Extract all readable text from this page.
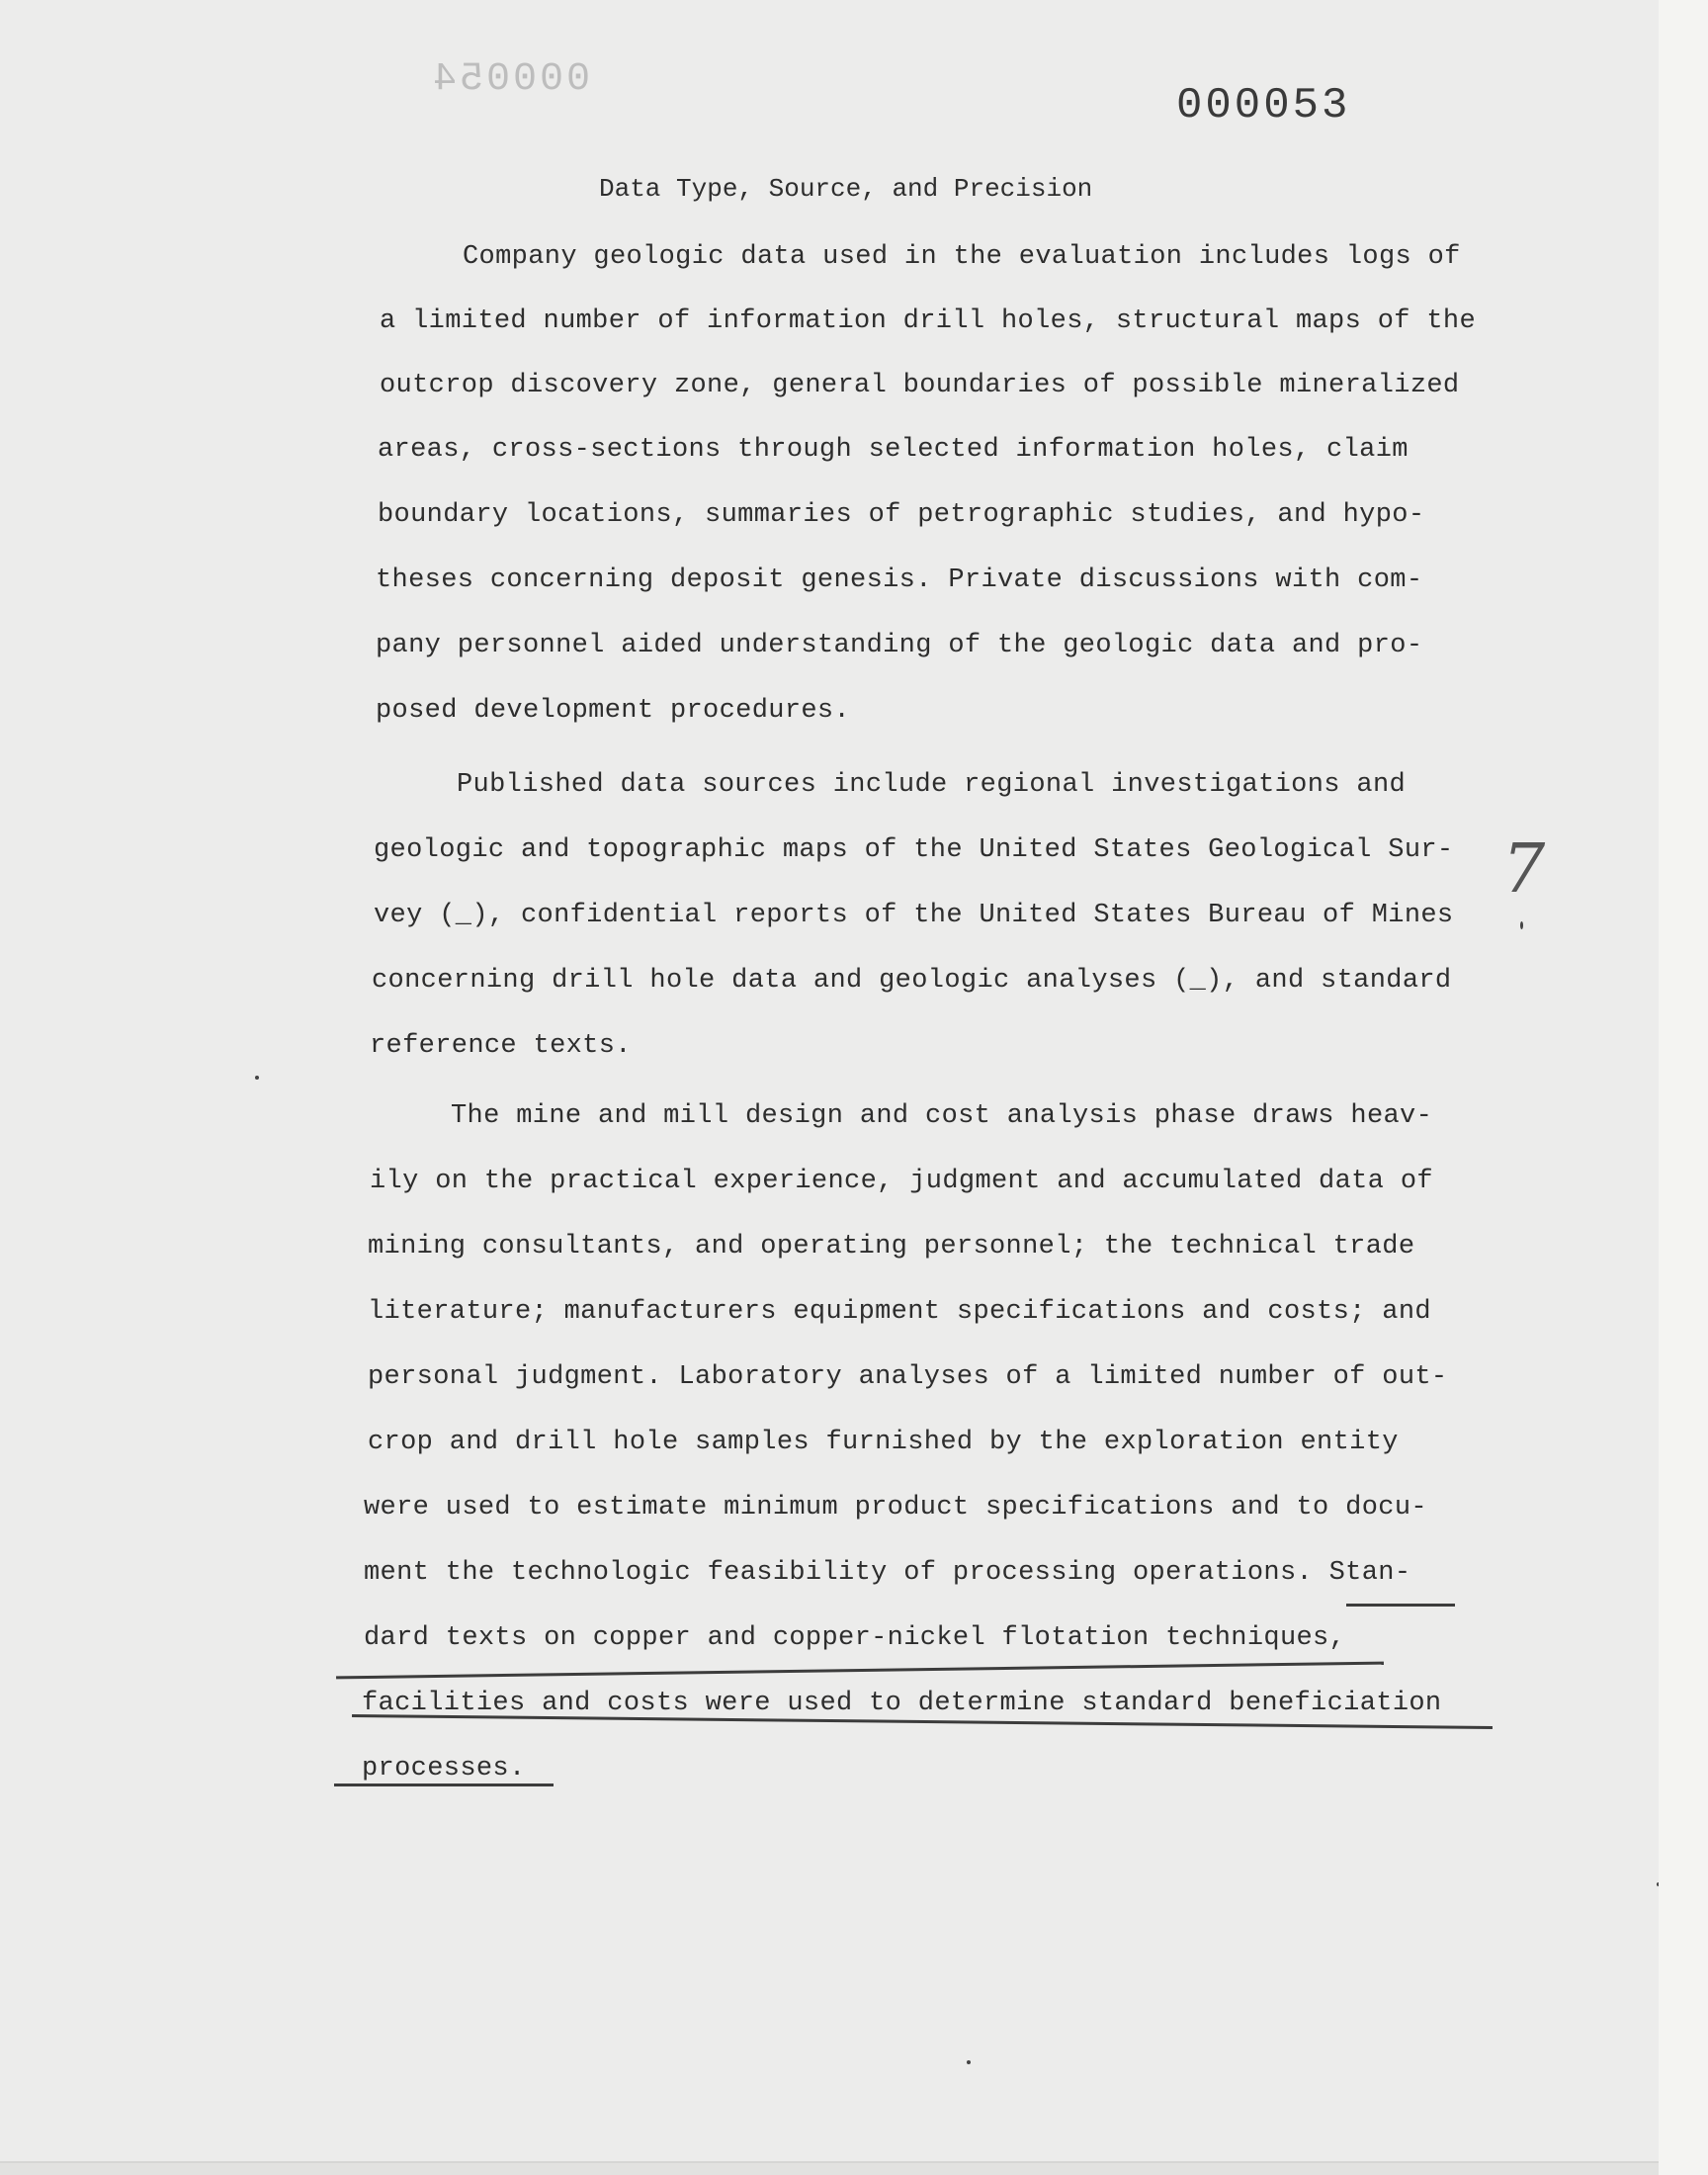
000054
000053
Data Type, Source, and Precision
Company geologic data used in the evaluation includes logs of
a limited number of information drill holes, structural maps of the
outcrop discovery zone, general boundaries of possible mineralized
areas, cross-sections through selected information holes, claim
boundary locations, summaries of petrographic studies, and hypo-
theses concerning deposit genesis. Private discussions with com-
pany personnel aided understanding of the geologic data and pro-
posed development procedures.
Published data sources include regional investigations and
geologic and topographic maps of the United States Geological Sur-
vey (_), confidential reports of the United States Bureau of Mines
concerning drill hole data and geologic analyses (_), and standard
reference texts.
7
The mine and mill design and cost analysis phase draws heav-
ily on the practical experience, judgment and accumulated data of
mining consultants, and operating personnel; the technical trade
literature; manufacturers equipment specifications and costs; and
personal judgment. Laboratory analyses of a limited number of out-
crop and drill hole samples furnished by the exploration entity
were used to estimate minimum product specifications and to docu-
ment the technologic feasibility of processing operations. Stan-
dard texts on copper and copper-nickel flotation techniques,
facilities and costs were used to determine standard beneficiation
processes.
